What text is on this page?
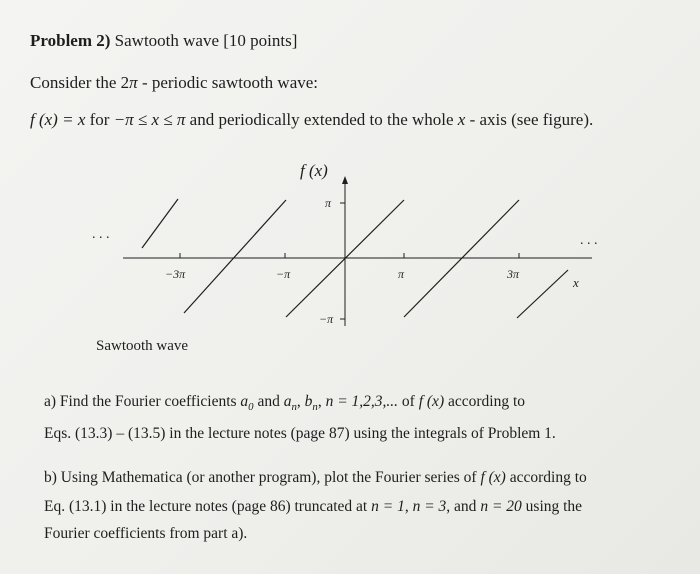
Problem 2) Sawtooth wave [10 points]
Consider the 2π - periodic sawtooth wave:
f (x) = x for −π ≤ x ≤ π and periodically extended to the whole x - axis (see figure).
f (x)
π
−π
−3π	−π	π	3π
x
. . .	. . .
Sawtooth wave
a) Find the Fourier coefficients $a_0$ and $a_n$, $b_n$, n = 1,2,3,... of f (x) according to
Eqs. (13.3) – (13.5) in the lecture notes (page 87) using the integrals of Problem 1.
b) Using Mathematica (or another program), plot the Fourier series of f (x) according to
Eq. (13.1) in the lecture notes (page 86) truncated at n = 1, n = 3, and n = 20 using the
Fourier coefficients from part a).
